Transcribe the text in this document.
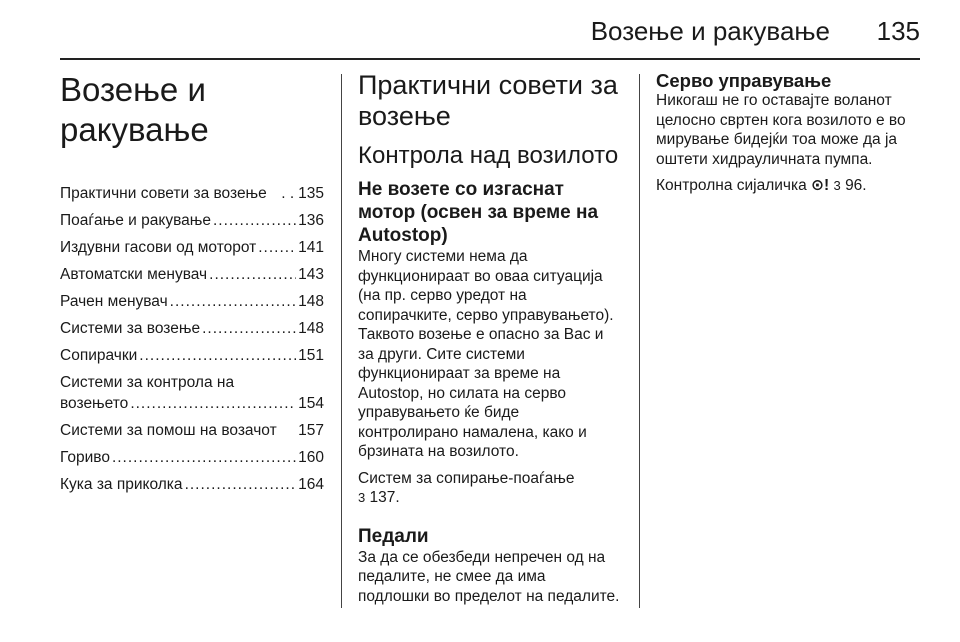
Возење и ракување 135
Возење и ракување
Практични совети за возење . . 135
Поаѓање и ракување .....	136
Издувни гасови од моторот .....	141
Автоматски менувач .....	143
Рачен менувач .....	148
Системи за возење .....	148
Сопирачки .....	151
Системи за контрола на
возењето .....	154
Системи за помош на возачот 157
Гориво .....	160
Кука за приколка .....	164
Практични совети за возење
Контрола над возилото
Не возете со изгаснат мотор (освен за време на Autostop)

Многу системи нема да функционираат во оваа ситуација (на пр. серво уредот на сопирачките, серво управувањето). Таквото возење е опасно за Вас и за други. Сите системи функционираат за време на Autostop, но силата на серво управувањето ќе биде контролирано намалена, како и брзината на возилото.

Систем за сопирање-поаѓање
3 137.

Педали

За да се обезбеди непречен од на педалите, не смее да има подлошки во пределот на педалите.

Серво управување

Никогаш не го оставајте воланот целосно свртен кога возилото е во мирување бидејќи тоа може да ја оштети хидрауличната пумпа.

Контролна сијаличка ⊙! 3 96.
